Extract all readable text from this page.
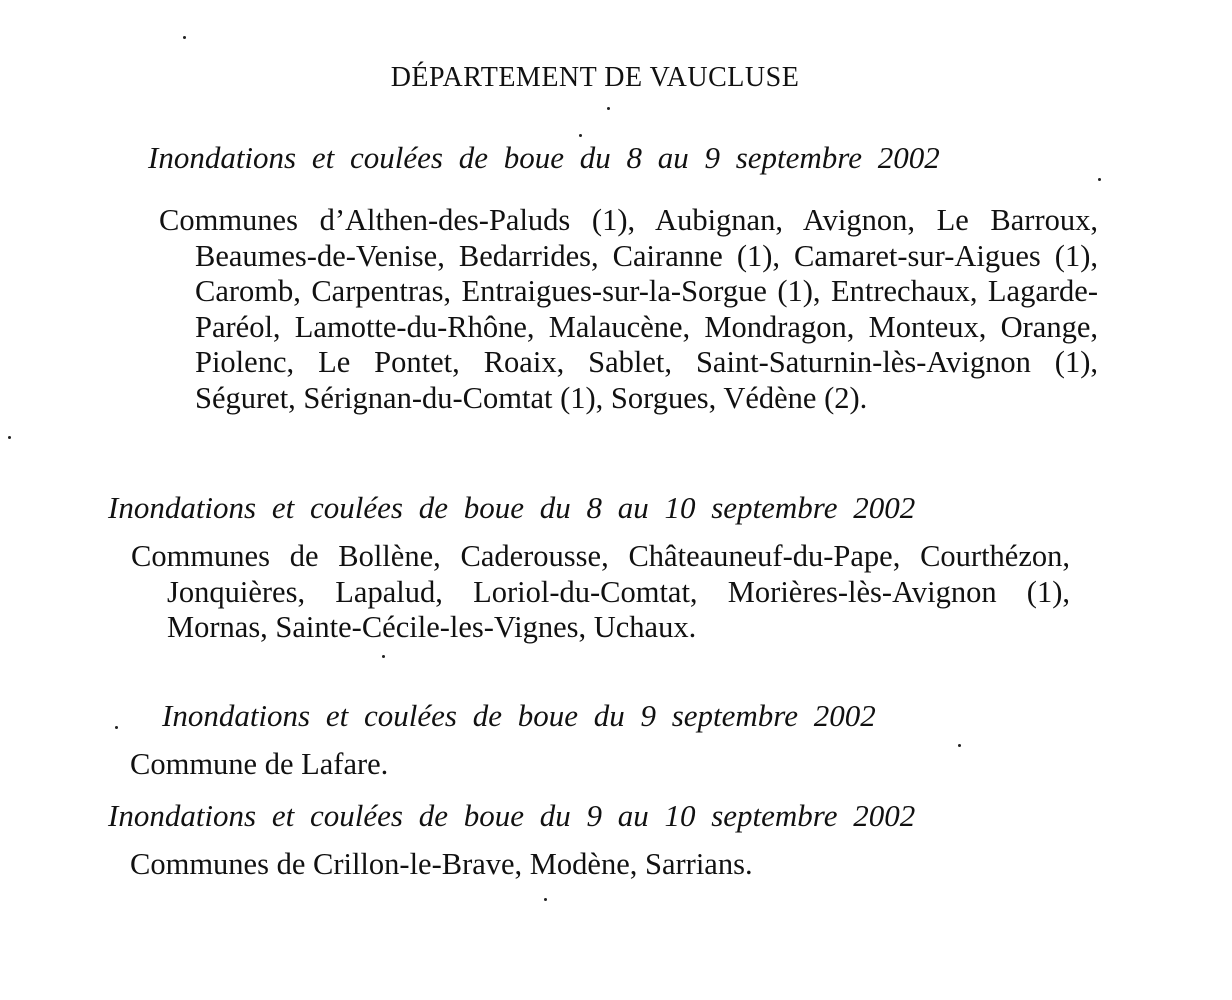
DÉPARTEMENT DE VAUCLUSE
Inondations et coulées de boue du 8 au 9 septembre 2002

Communes d’Althen-des-Paluds (1), Aubignan, Avignon, Le Barroux, Beaumes-de-Venise, Bedarrides, Cairanne (1), Camaret-sur-Aigues (1), Caromb, Carpentras, Entraigues-sur-la-Sorgue (1), Entrechaux, Lagarde-Paréol, Lamotte-du-Rhône, Malaucène, Mondragon, Monteux, Orange, Piolenc, Le Pontet, Roaix, Sablet, Saint-Saturnin-lès-Avignon (1), Séguret, Sérignan-du-Comtat (1), Sorgues, Védène (2).

Inondations et coulées de boue du 8 au 10 septembre 2002

Communes de Bollène, Caderousse, Châteauneuf-du-Pape, Courthézon, Jonquières, Lapalud, Loriol-du-Comtat, Morières-lès-Avignon (1), Mornas, Sainte-Cécile-les-Vignes, Uchaux.

Inondations et coulées de boue du 9 septembre 2002

Commune de Lafare.

Inondations et coulées de boue du 9 au 10 septembre 2002

Communes de Crillon-le-Brave, Modène, Sarrians.
